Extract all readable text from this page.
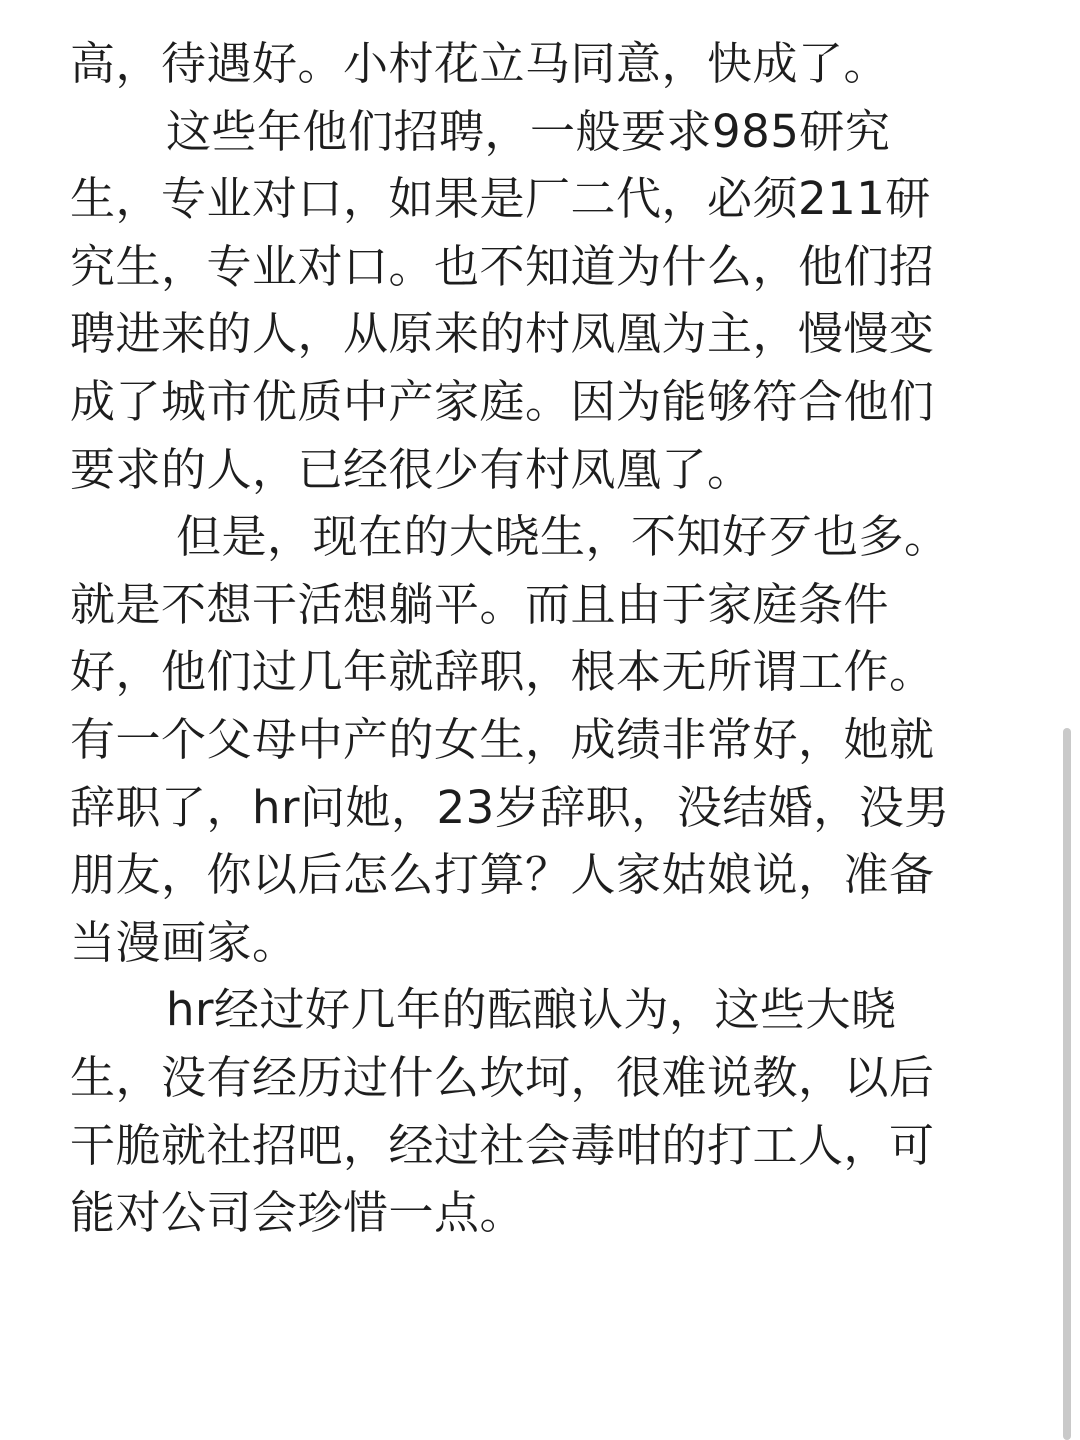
高，待遇好。小村花立马同意，快成了。
这些年他们招聘，一般要求985研究
生，专业对口，如果是厂二代，必须211研
究生，专业对口。也不知道为什么，他们招
聘进来的人，从原来的村凤凰为主，慢慢变
成了城市优质中产家庭。因为能够符合他们
要求的人，已经很少有村凤凰了。
但是，现在的大晓生，不知好歹也多。
就是不想干活想躺平。而且由于家庭条件
好，他们过几年就辞职，根本无所谓工作。
有一个父母中产的女生，成绩非常好，她就
辞职了，hr问她，23岁辞职，没结婚，没男
朋友，你以后怎么打算？人家姑娘说，准备
当漫画家。
hr经过好几年的酝酿认为，这些大晓
生，没有经历过什么坎坷，很难说教，以后
干脆就社招吧，经过社会毒咁的打工人，可
能对公司会珍惜一点。
